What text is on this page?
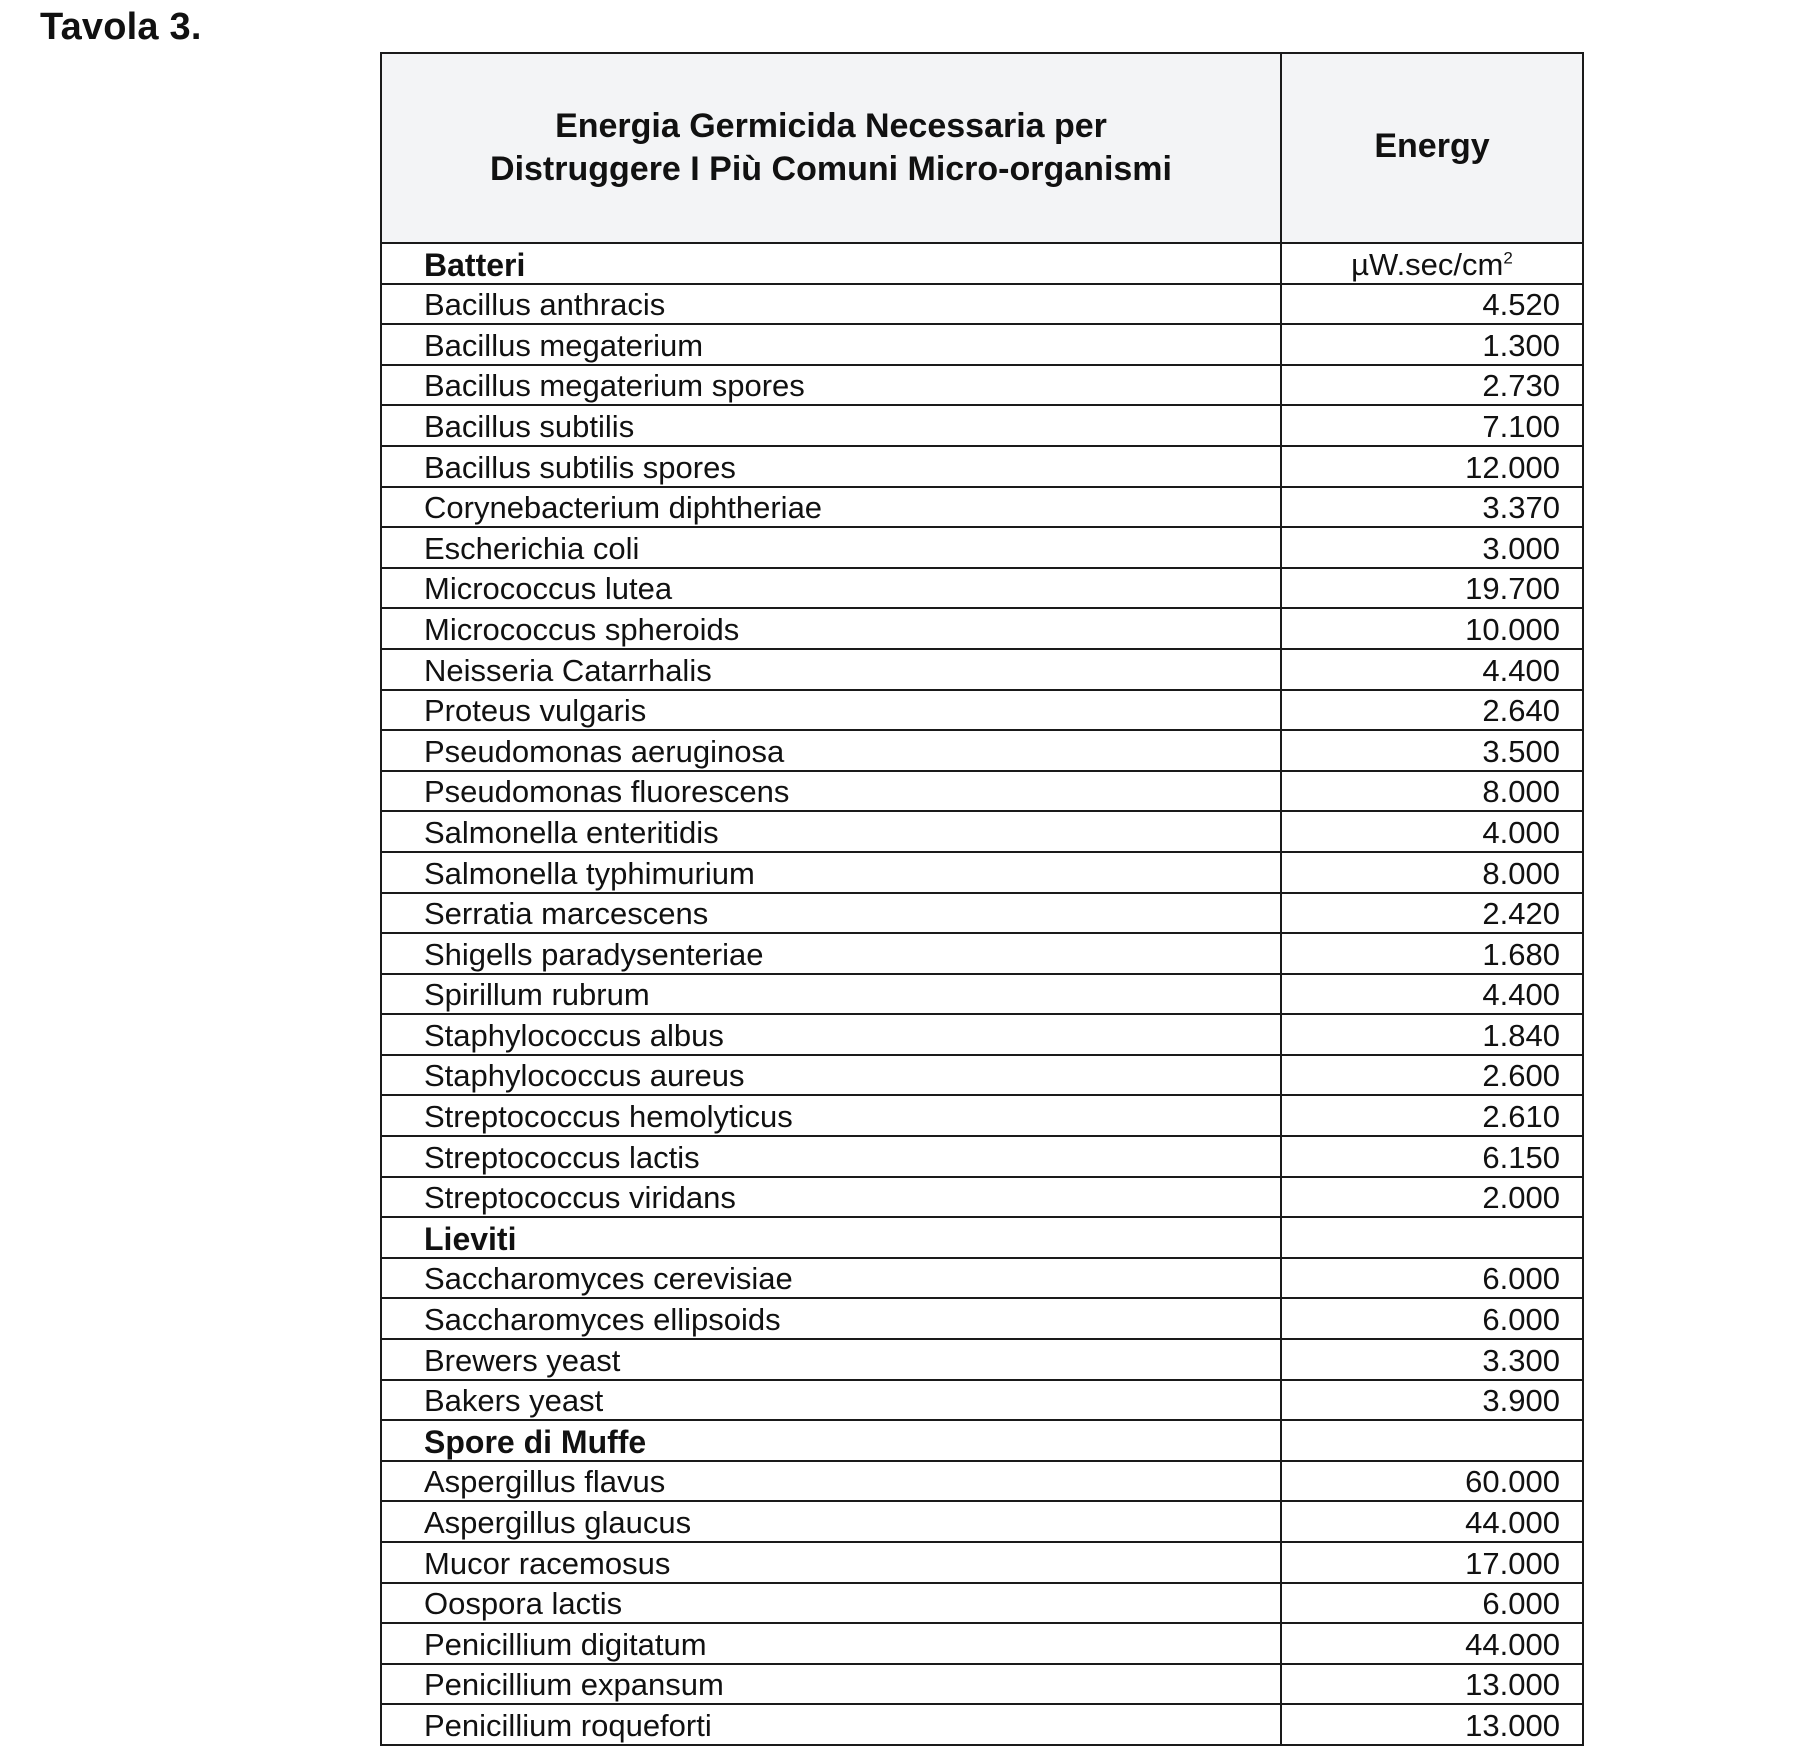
Tavola 3.
Energia Germicida Necessaria per
Distruggere I Più Comuni Micro-organismi	Energy
Batteri	$\mu W.\sec/cm^2$
Bacillus anthracis	4.520
Bacillus megaterium	1.300
Bacillus megaterium spores	2.730
Bacillus subtilis	7.100
Bacillus subtilis spores	12.000
Corynebacterium diphtheriae	3.370
Escherichia coli	3.000
Micrococcus lutea	19.700
Micrococcus spheroids	10.000
Neisseria Catarrhalis	4.400
Proteus vulgaris	2.640
Pseudomonas aeruginosa	3.500
Pseudomonas fluorescens	8.000
Salmonella enteritidis	4.000
Salmonella typhimurium	8.000
Serratia marcescens	2.420
Shigells paradysenteriae	1.680
Spirillum rubrum	4.400
Staphylococcus albus	1.840
Staphylococcus aureus	2.600
Streptococcus hemolyticus	2.610
Streptococcus lactis	6.150
Streptococcus viridans	2.000
Lieviti	
Saccharomyces cerevisiae	6.000
Saccharomyces ellipsoids	6.000
Brewers yeast	3.300
Bakers yeast	3.900
Spore di Muffe	
Aspergillus flavus	60.000
Aspergillus glaucus	44.000
Mucor racemosus	17.000
Oospora lactis	6.000
Penicillium digitatum	44.000
Penicillium expansum	13.000
Penicillium roqueforti	13.000
